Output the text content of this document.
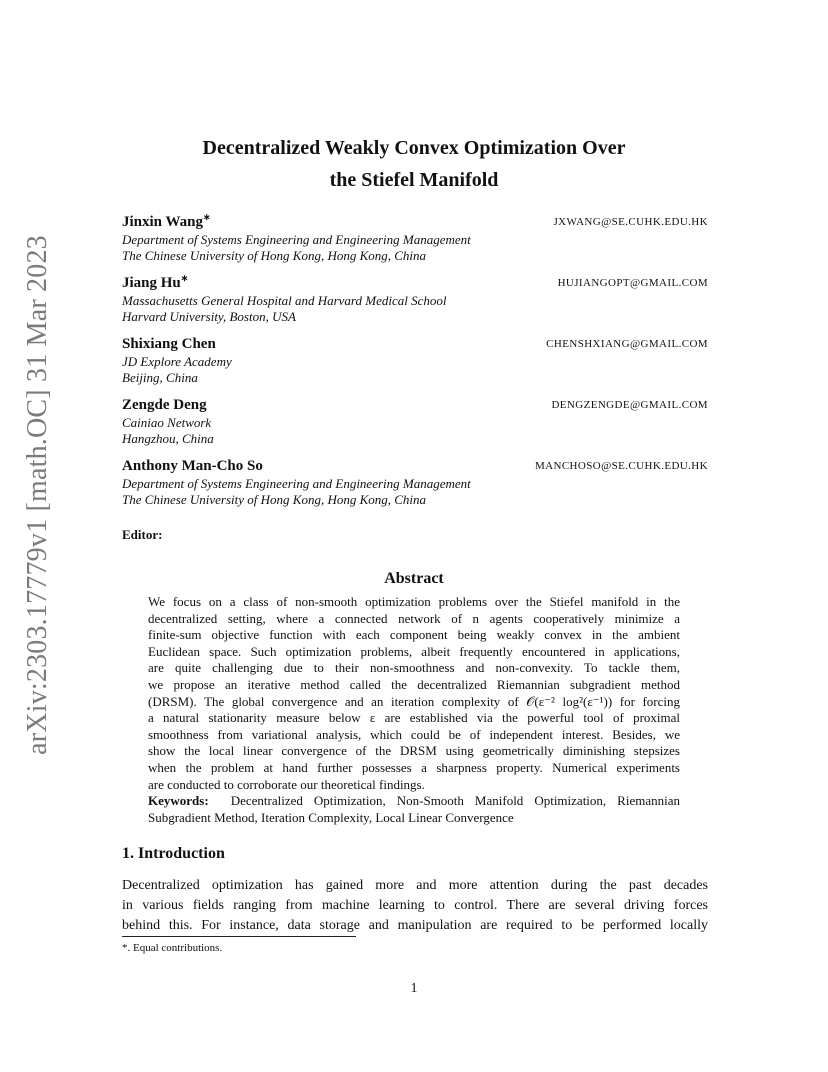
arXiv:2303.17779v1 [math.OC] 31 Mar 2023
Decentralized Weakly Convex Optimization Over
the Stiefel Manifold
Jinxin Wang∗	JXWANG@SE.CUHK.EDU.HK
Department of Systems Engineering and Engineering Management
The Chinese University of Hong Kong, Hong Kong, China
Jiang Hu∗	HUJIANGOPT@GMAIL.COM
Massachusetts General Hospital and Harvard Medical School
Harvard University, Boston, USA
Shixiang Chen	CHENSHXIANG@GMAIL.COM
JD Explore Academy
Beijing, China
Zengde Deng	DENGZENGDE@GMAIL.COM
Cainiao Network
Hangzhou, China
Anthony Man-Cho So	MANCHOSO@SE.CUHK.EDU.HK
Department of Systems Engineering and Engineering Management
The Chinese University of Hong Kong, Hong Kong, China
Editor:
Abstract
We focus on a class of non-smooth optimization problems over the Stiefel manifold in the
decentralized setting, where a connected network of n agents cooperatively minimize a
finite-sum objective function with each component being weakly convex in the ambient
Euclidean space. Such optimization problems, albeit frequently encountered in applications,
are quite challenging due to their non-smoothness and non-convexity. To tackle them,
we propose an iterative method called the decentralized Riemannian subgradient method
(DRSM). The global convergence and an iteration complexity of 𝒪(ε⁻² log²(ε⁻¹)) for forcing
a natural stationarity measure below ε are established via the powerful tool of proximal
smoothness from variational analysis, which could be of independent interest. Besides, we
show the local linear convergence of the DRSM using geometrically diminishing stepsizes
when the problem at hand further possesses a sharpness property. Numerical experiments
are conducted to corroborate our theoretical findings.
Keywords: Decentralized Optimization, Non-Smooth Manifold Optimization, Riemannian
Subgradient Method, Iteration Complexity, Local Linear Convergence
1. Introduction
Decentralized optimization has gained more and more attention during the past decades
in various fields ranging from machine learning to control. There are several driving forces
behind this. For instance, data storage and manipulation are required to be performed locally
*. Equal contributions.
1
